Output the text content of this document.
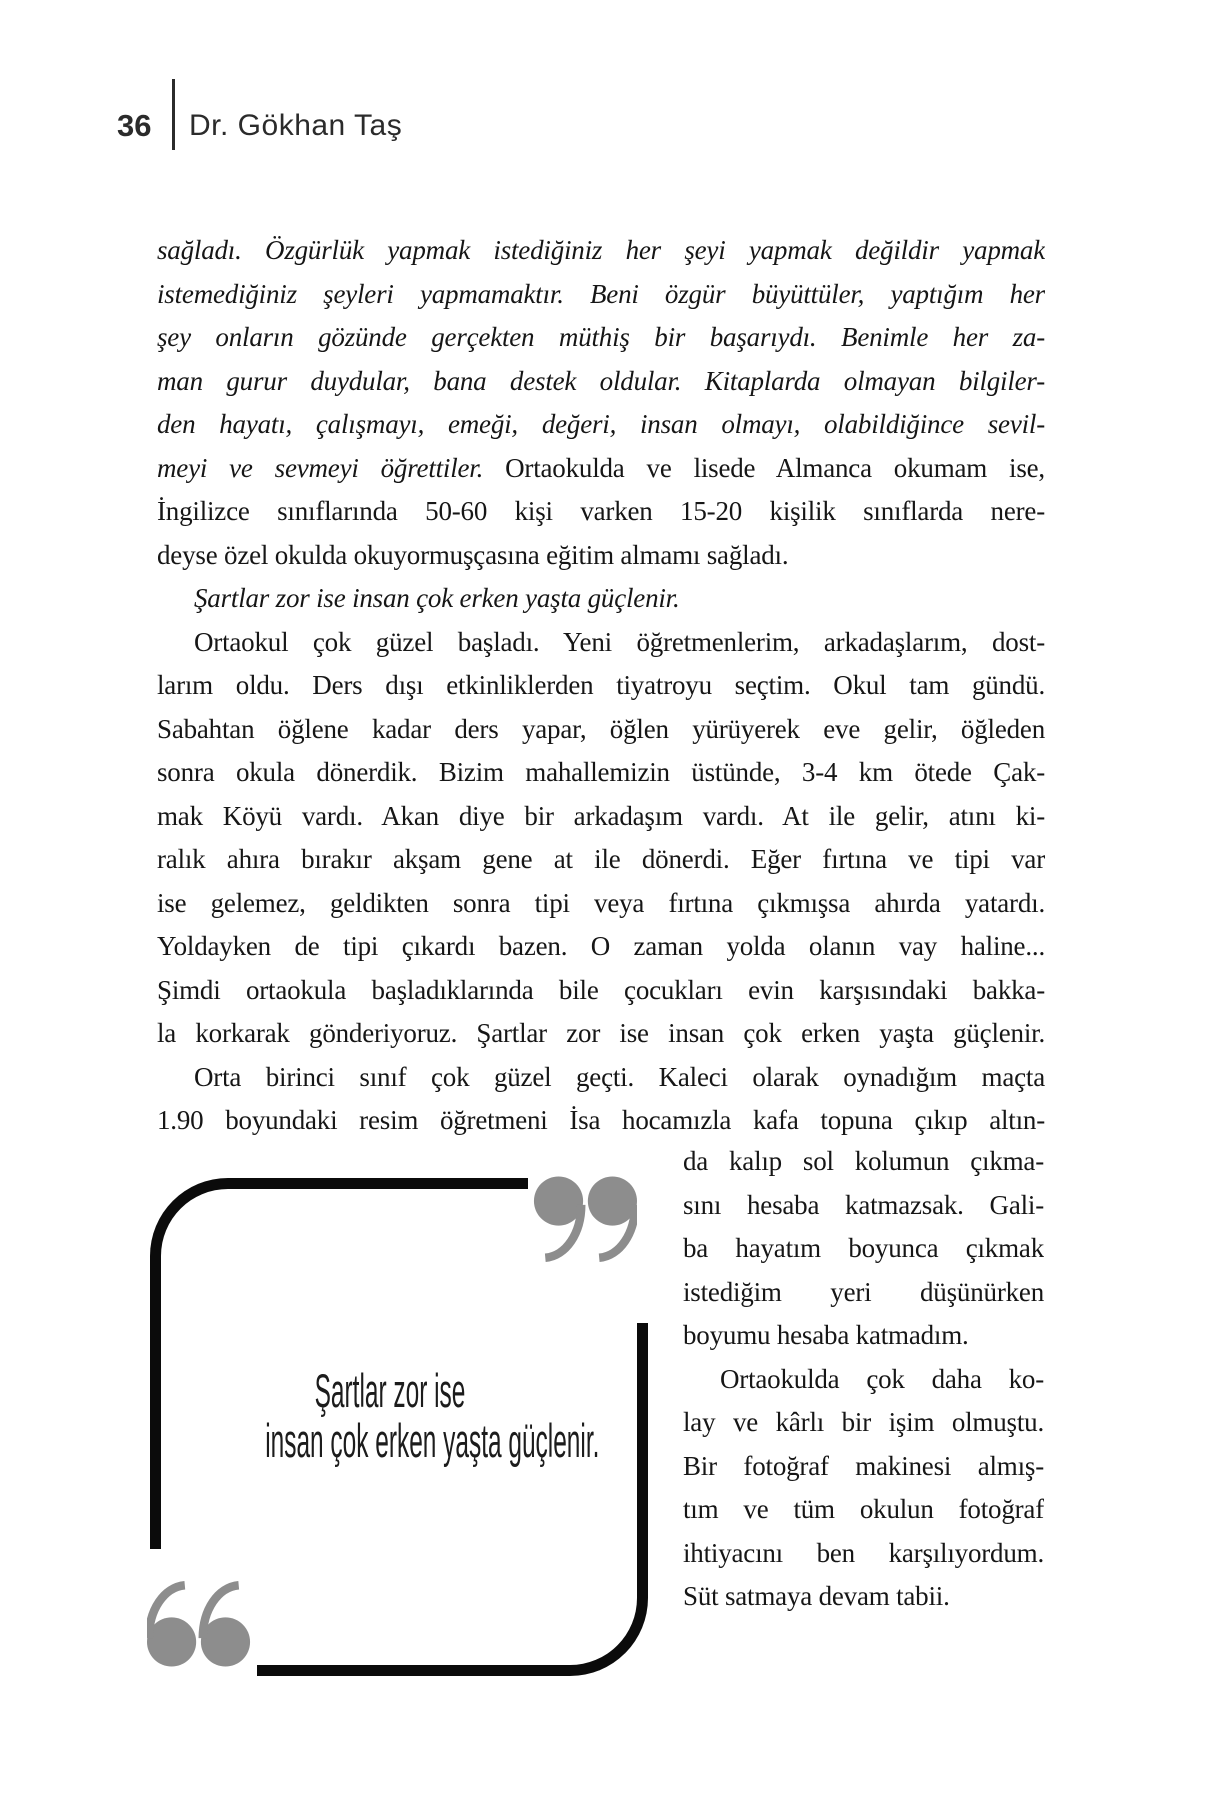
36 Dr. Gökhan Taş
sağladı. Özgürlük yapmak istediğiniz her şeyi yapmak değildir yapmak
istemediğiniz şeyleri yapmamaktır. Beni özgür büyüttüler, yaptığım her
şey onların gözünde gerçekten müthiş bir başarıydı. Benimle her za-
man gurur duydular, bana destek oldular. Kitaplarda olmayan bilgiler-
den hayatı, çalışmayı, emeği, değeri, insan olmayı, olabildiğince sevil-
meyi ve sevmeyi öğrettiler. Ortaokulda ve lisede Almanca okumam ise,
İngilizce sınıflarında 50-60 kişi varken 15-20 kişilik sınıflarda nere-
deyse özel okulda okuyormuşçasına eğitim almamı sağladı.
Şartlar zor ise insan çok erken yaşta güçlenir.
Ortaokul çok güzel başladı. Yeni öğretmenlerim, arkadaşlarım, dost-
larım oldu. Ders dışı etkinliklerden tiyatroyu seçtim. Okul tam gündü.
Sabahtan öğlene kadar ders yapar, öğlen yürüyerek eve gelir, öğleden
sonra okula dönerdik. Bizim mahallemizin üstünde, 3-4 km ötede Çak-
mak Köyü vardı. Akan diye bir arkadaşım vardı. At ile gelir, atını ki-
ralık ahıra bırakır akşam gene at ile dönerdi. Eğer fırtına ve tipi var
ise gelemez, geldikten sonra tipi veya fırtına çıkmışsa ahırda yatardı.
Yoldayken de tipi çıkardı bazen. O zaman yolda olanın vay haline...
Şimdi ortaokula başladıklarında bile çocukları evin karşısındaki bakka-
la korkarak gönderiyoruz. Şartlar zor ise insan çok erken yaşta güçlenir.
Orta birinci sınıf çok güzel geçti. Kaleci olarak oynadığım maçta
1.90 boyundaki resim öğretmeni İsa hocamızla kafa topuna çıkıp altın-
da kalıp sol kolumun çıkma-
sını hesaba katmazsak. Gali-
ba hayatım boyunca çıkmak
istediğim yeri düşünürken
boyumu hesaba katmadım.
Ortaokulda çok daha ko-
lay ve kârlı bir işim olmuştu.
Bir fotoğraf makinesi almış-
tım ve tüm okulun fotoğraf
ihtiyacını ben karşılıyordum.
Süt satmaya devam tabii.
Şartlar zor ise
insan çok erken yaşta güçlenir.
